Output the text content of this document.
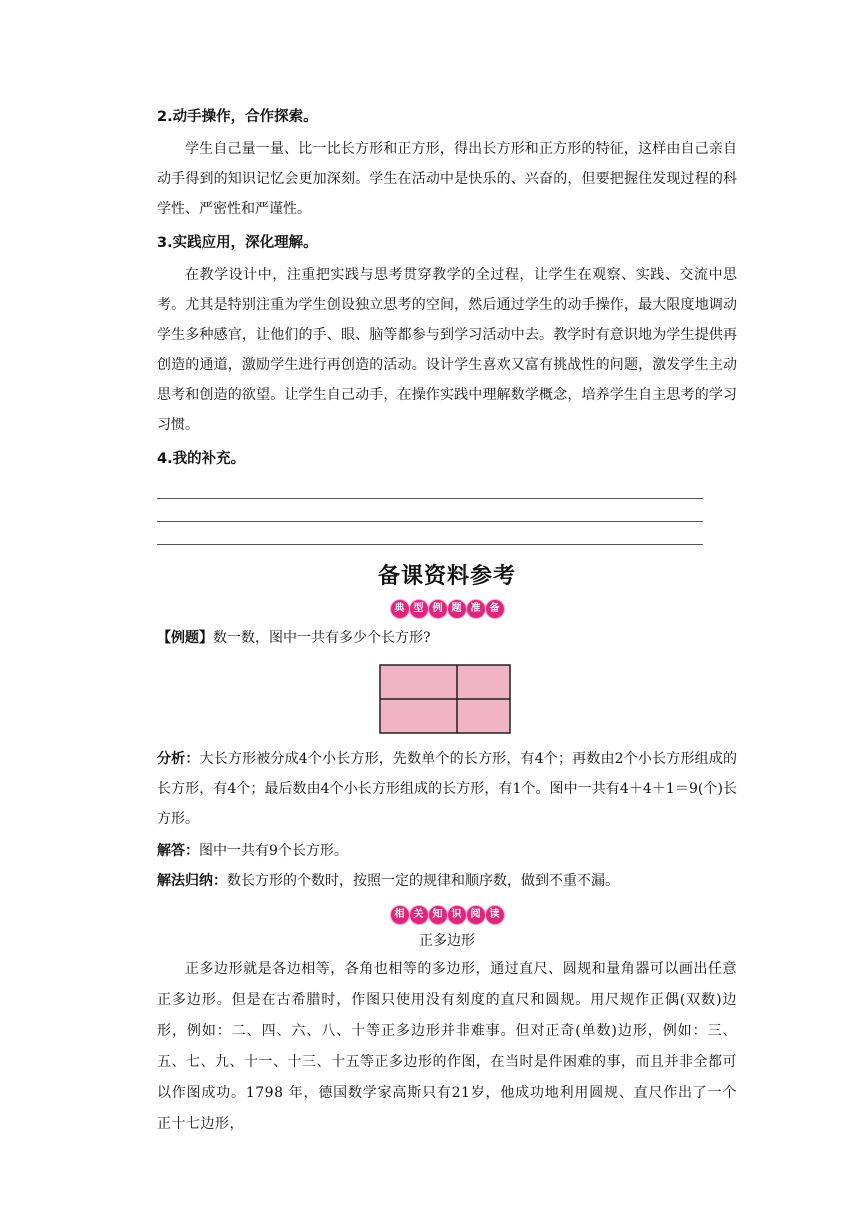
2.动手操作，合作探索。

学生自己量一量、比一比长方形和正方形，得出长方形和正方形的特征，这样由自己亲自动手得到的知识记忆会更加深刻。学生在活动中是快乐的、兴奋的，但要把握住发现过程的科学性、严密性和严谨性。

3.实践应用，深化理解。

在教学设计中，注重把实践与思考贯穿教学的全过程，让学生在观察、实践、交流中思考。尤其是特别注重为学生创设独立思考的空间，然后通过学生的动手操作，最大限度地调动学生多种感官，让他们的手、眼、脑等都参与到学习活动中去。教学时有意识地为学生提供再创造的通道，激励学生进行再创造的活动。设计学生喜欢又富有挑战性的问题，激发学生主动思考和创造的欲望。让学生自己动手，在操作实践中理解数学概念，培养学生自主思考的学习习惯。

4.我的补充。

备课资料参考
典 型 例 题 准 备

【例题】数一数，图中一共有多少个长方形?

分析：大长方形被分成4个小长方形，先数单个的长方形，有4个；再数由2个小长方形组成的长方形，有4个；最后数由4个小长方形组成的长方形，有1个。图中一共有4＋4＋1＝9(个)长方形。

解答：图中一共有9个长方形。

解法归纳：数长方形的个数时，按照一定的规律和顺序数，做到不重不漏。

相 关 知 识 阅 读
正多边形

正多边形就是各边相等，各角也相等的多边形，通过直尺、圆规和量角器可以画出任意正多边形。但是在古希腊时，作图只使用没有刻度的直尺和圆规。用尺规作正偶(双数)边形，例如：二、四、六、八、十等正多边形并非难事。但对正奇(单数)边形，例如：三、五、七、九、十一、十三、十五等正多边形的作图，在当时是件困难的事，而且并非全都可以作图成功。1798 年，德国数学家高斯只有21岁，他成功地利用圆规、直尺作出了一个正十七边形，
